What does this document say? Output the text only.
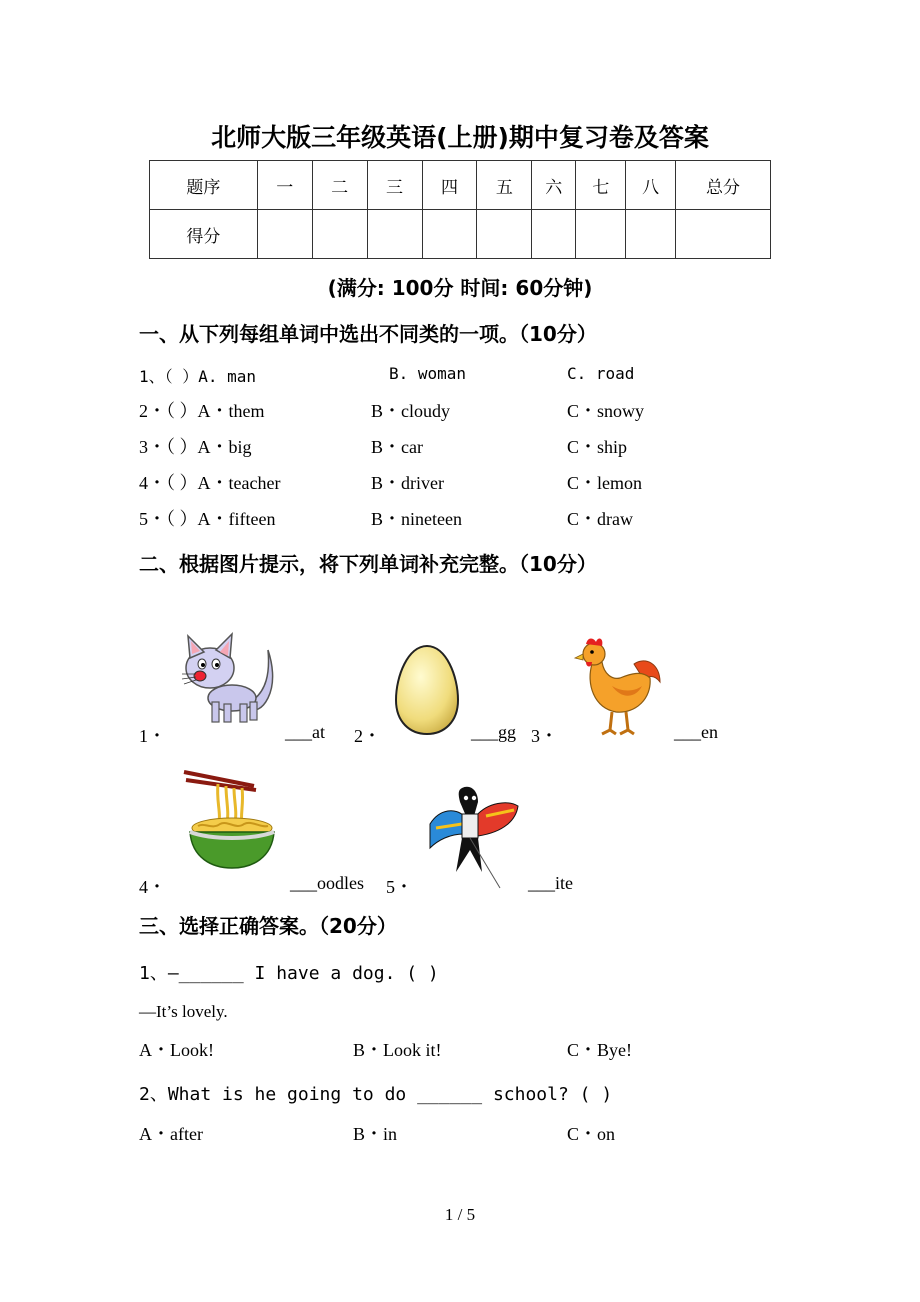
北师大版三年级英语(上册)期中复习卷及答案
题序	一	二	三	四	五	六	七	八	总分
得分									
(满分: 100分 时间: 60分钟)
一、从下列每组单词中选出不同类的一项。（10分）
1、（ ）A. man	B. woman	C. road
2・（ ）A・them	B・cloudy	C・snowy
3・（ ）A・big	B・car	C・ship
4・（ ）A・teacher	B・driver	C・lemon
5・（ ）A・fifteen	B・nineteen	C・draw
二、根据图片提示，将下列单词补充完整。（10分）
1・	___at 2・	___gg 3・	___en
4・	___oodles 5・	___ite
三、选择正确答案。（20分）
1、—______ I have a dog. ( )
—It’s lovely.
A・Look!	B・Look it!	C・Bye!
2、What is he going to do ______ school? ( )
A・after	B・in	C・on
1 / 5
